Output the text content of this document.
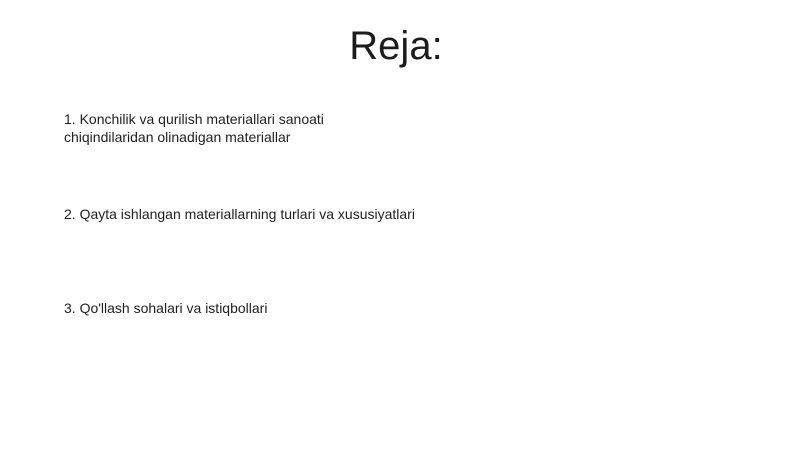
Reja:

1. Konchilik va qurilish materiallari sanoati
chiqindilaridan olinadigan materiallar

2. Qayta ishlangan materiallarning turlari va xususiyatlari

3. Qo'llash sohalari va istiqbollari
